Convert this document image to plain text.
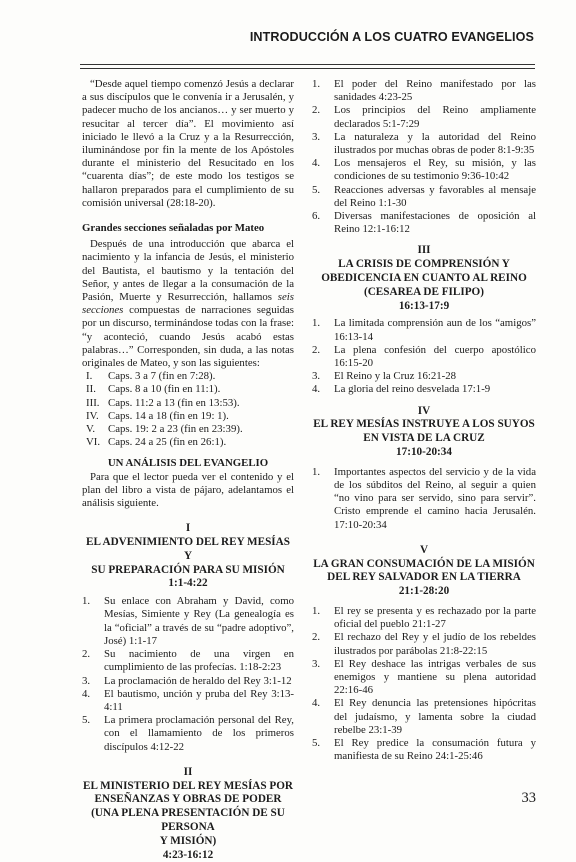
INTRODUCCIÓN A LOS CUATRO EVANGELIOS

“Desde aquel tiempo comenzó Jesús a declarar a sus discípulos que le convenía ir a Jerusalén, y padecer mucho de los ancianos… y ser muerto y resucitar al tercer día”. El movimiento así iniciado le llevó a la Cruz y a la Resurrección, iluminándose por fin la mente de los Apóstoles durante el ministerio del Resucitado en los “cuarenta días”; de este modo los testigos se hallaron preparados para el cumplimiento de su comisión universal (28:18-20).

Grandes secciones señaladas por Mateo

Después de una introducción que abarca el nacimiento y la infancia de Jesús, el ministerio del Bautista, el bautismo y la tentación del Señor, y antes de llegar a la consumación de la Pasión, Muerte y Resurrección, hallamos seis secciones compuestas de narraciones seguidas por un discurso, terminándose todas con la frase: “y aconteció, cuando Jesús acabó estas palabras…” Corresponden, sin duda, a las notas originales de Mateo, y son las siguientes:

I.	Caps. 3 a 7 (fin en 7:28).
II.	Caps. 8 a 10 (fin en 11:1).
III. Caps. 11:2 a 13 (fin en 13:53).
IV. Caps. 14 a 18 (fin en 19: 1).
V.	Caps. 19: 2 a 23 (fin en 23:39).
VI. Caps. 24 a 25 (fin en 26:1).
UN ANÁLISIS DEL EVANGELIO

Para que el lector pueda ver el contenido y el plan del libro a vista de pájaro, adelantamos el análisis siguiente.

I
EL ADVENIMIENTO DEL REY MESÍAS Y
SU PREPARACIÓN PARA SU MISIÓN 1:1-4:22
1.	Su enlace con Abraham y David, como Mesías, Simiente y Rey (La genealogía es la “oficial” a través de su “padre adoptivo”, José) 1:1-17
2.	Su nacimiento de una virgen en cumplimiento de las profecías. 1:18-2:23
3.	La proclamación de heraldo del Rey 3:1-12
4.	El bautismo, unción y pruba del Rey 3:13-4:11
5.	La primera proclamación personal del Rey, con el llamamiento de los primeros discípulos 4:12-22
II
EL MINISTERIO DEL REY MESÍAS POR
ENSEÑANZAS Y OBRAS DE PODER
(UNA PLENA PRESENTACIÓN DE SU PERSONA
Y MISIÓN)
4:23-16:12
1.	El poder del Reino manifestado por las sanidades 4:23-25
2.	Los principios del Reino ampliamente declarados 5:1-7:29
3.	La naturaleza y la autoridad del Reino ilustrados por muchas obras de poder 8:1-9:35
4.	Los mensajeros el Rey, su misión, y las condiciones de su testimonio 9:36-10:42
5.	Reacciones adversas y favorables al mensaje del Reino 1:1-30
6.	Diversas manifestaciones de oposición al Reino 12:1-16:12
III
LA CRISIS DE COMPRENSIÓN Y
OBEDICENCIA EN CUANTO AL REINO
(CESAREA DE FILIPO)
16:13-17:9
1.	La limitada comprensión aun de los “amigos” 16:13-14
2.	La plena confesión del cuerpo apostólico 16:15-20
3.	El Reino y la Cruz 16:21-28
4.	La gloria del reino desvelada 17:1-9
IV
EL REY MESÍAS INSTRUYE A LOS SUYOS
EN VISTA DE LA CRUZ
17:10-20:34
1.	Importantes aspectos del servicio y de la vida de los súbditos del Reino, al seguir a quien “no vino para ser servido, sino para servir”. Cristo emprende el camino hacia Jerusalén. 17:10-20:34
V
LA GRAN CONSUMACIÓN DE LA MISIÓN
DEL REY SALVADOR EN LA TIERRA
21:1-28:20
1.	El rey se presenta y es rechazado por la parte oficial del pueblo 21:1-27
2.	El rechazo del Rey y el judío de los rebeldes ilustrados por parábolas 21:8-22:15
3.	El Rey deshace las intrigas verbales de sus enemigos y mantiene su plena autoridad 22:16-46
4.	El Rey denuncia las pretensiones hipócritas del judaísmo, y lamenta sobre la ciudad rebelbe 23:1-39
5.	El Rey predice la consumación futura y manifiesta de su Reino 24:1-25:46
33
